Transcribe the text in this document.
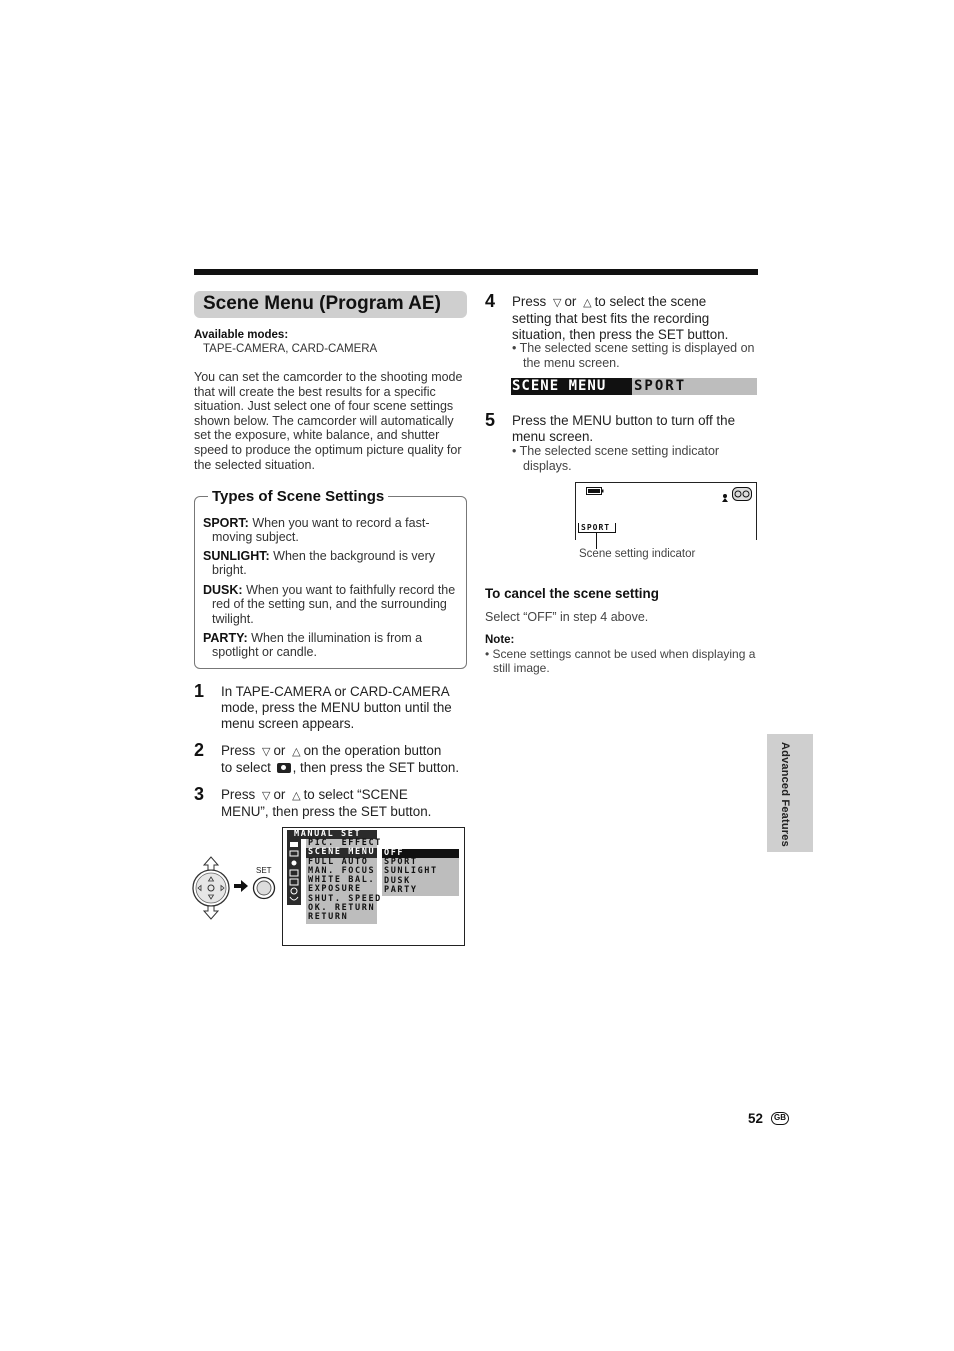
Scene Menu (Program AE)
Available modes:
TAPE-CAMERA, CARD-CAMERA
You can set the camcorder to the shooting mode that will create the best results for a specific situation. Just select one of four scene settings shown below. The camcorder will automatically set the exposure, white balance, and shutter speed to produce the optimum picture quality for the selected situation.
Types of Scene Settings
SPORT: When you want to record a fast-moving subject.
SUNLIGHT: When the background is very bright.
DUSK: When you want to faithfully record the red of the setting sun, and the surrounding twilight.
PARTY: When the illumination is from a spotlight or candle.
1 In TAPE-CAMERA or CARD-CAMERA mode, press the MENU button until the menu screen appears.
2 Press ▽ or △ on the operation button
to select , then press the SET button.
3 Press ▽ or △ to select “SCENE
MENU”, then press the SET button.
SET
MANUAL SET
PIC. EFFECT
SCENE MENU
FULL AUTO
MAN. FOCUS
WHITE BAL.
EXPOSURE
SHUT. SPEED
OK. RETURN
RETURN
OFF
SPORT
SUNLIGHT
DUSK
PARTY
4 Press ▽ or △ to select the scene
setting that best fits the recording situation, then press the SET button.
• The selected scene setting is displayed on the menu screen.
SCENE MENU	SPORT
5 Press the MENU button to turn off the menu screen.
• The selected scene setting indicator displays.
SPORT
Scene setting indicator
To cancel the scene setting
Select “OFF” in step 4 above.
Note:
• Scene settings cannot be used when displaying a still image.
Advanced Features
52	GB
